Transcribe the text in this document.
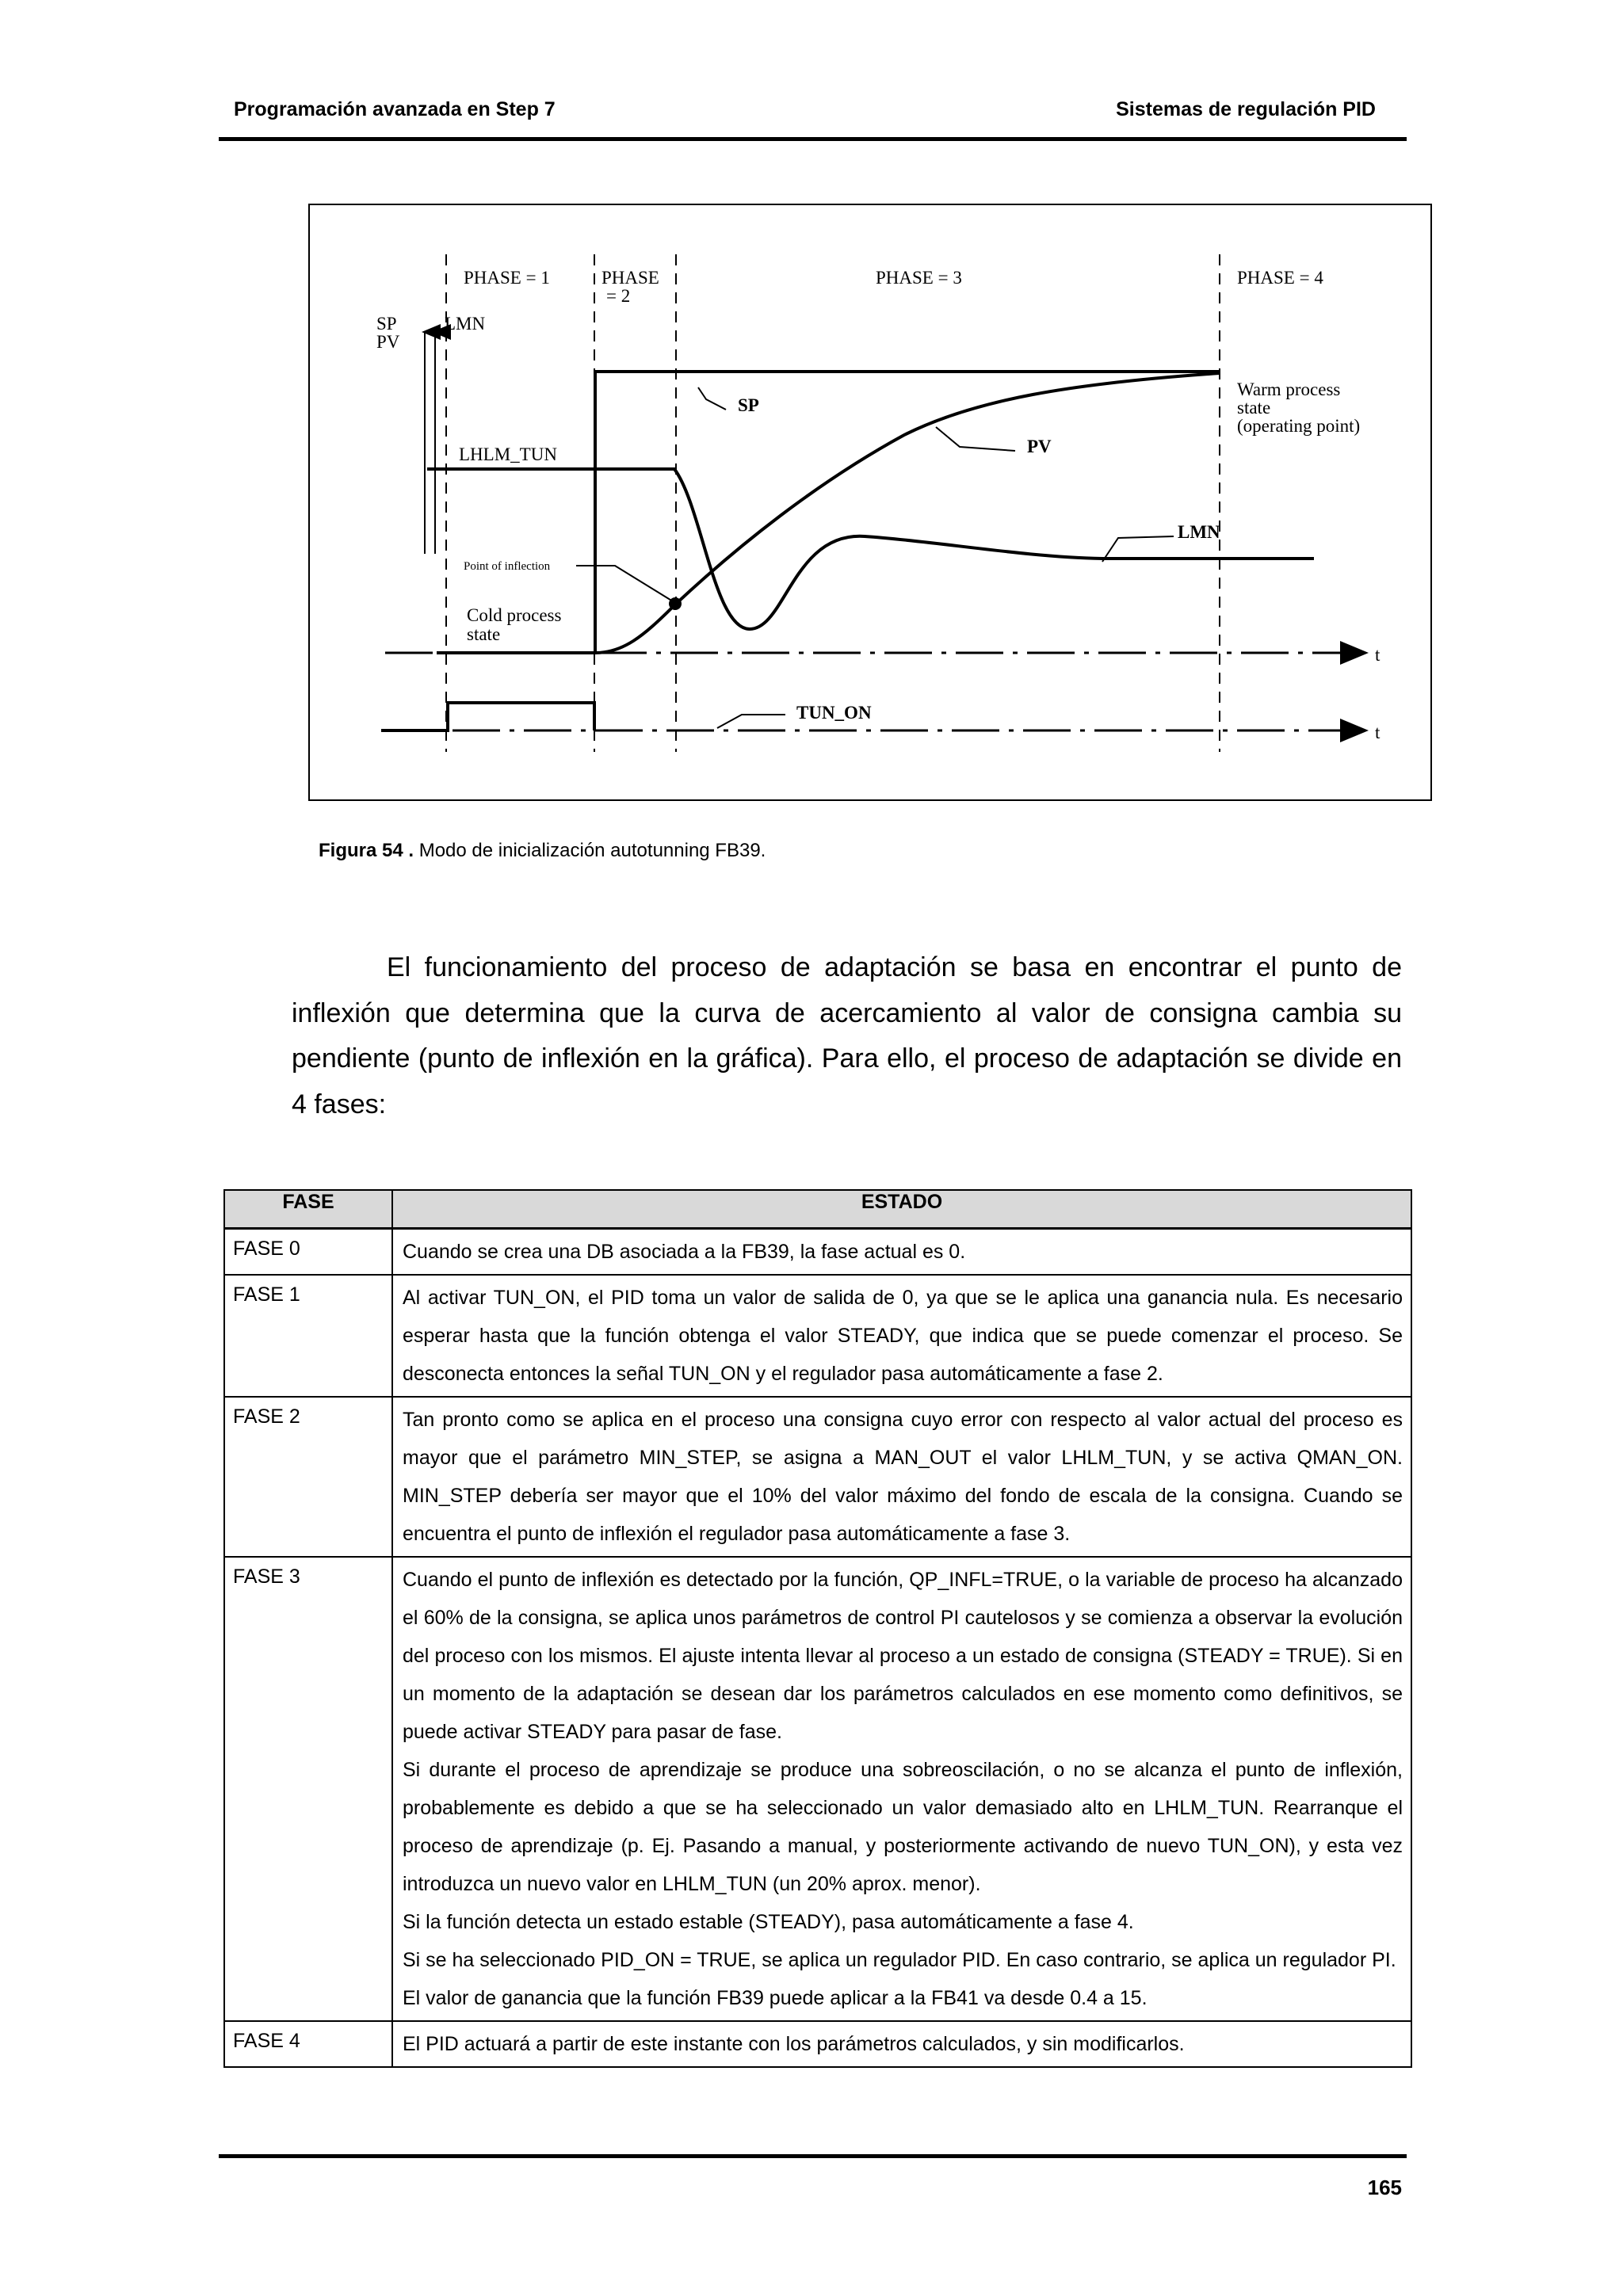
Programación avanzada en Step 7	Sistemas de regulación PID
PHASE = 1	PHASE
= 2
PHASE = 3	PHASE = 4
SP
PV
LMN
LHLM_TUN
Point of inflection
Cold process
state
SP
PV
LMN
Warm process
state
(operating point)
t
t
TUN_ON
Figura 54 . Modo de inicialización autotunning FB39.

El funcionamiento del proceso de adaptación se basa en encontrar el punto de inflexión que determina que la curva de acercamiento al valor de consigna cambia su pendiente (punto de inflexión en la gráfica). Para ello, el proceso de adaptación se divide en 4 fases:

FASE	ESTADO

FASE 0	Cuando se crea una DB asociada a la FB39, la fase actual es 0.

FASE 1	Al activar TUN_ON, el PID toma un valor de salida de 0, ya que se le aplica una ganancia nula. Es necesario esperar hasta que la función obtenga el valor STEADY, que indica que se puede comenzar el proceso. Se desconecta entonces la señal TUN_ON y el regulador pasa automáticamente a fase 2.

FASE 2	Tan pronto como se aplica en el proceso una consigna cuyo error con respecto al valor actual del proceso es mayor que el parámetro MIN_STEP, se asigna a MAN_OUT el valor LHLM_TUN, y se activa QMAN_ON. MIN_STEP debería ser mayor que el 10% del valor máximo del fondo de escala de la consigna. Cuando se encuentra el punto de inflexión el regulador pasa automáticamente a fase 3.

FASE 3	Cuando el punto de inflexión es detectado por la función, QP_INFL=TRUE, o la variable de proceso ha alcanzado el 60% de la consigna, se aplica unos parámetros de control PI cautelosos y se comienza a observar la evolución del proceso con los mismos. El ajuste intenta llevar al proceso a un estado de consigna (STEADY = TRUE). Si en un momento de la adaptación se desean dar los parámetros calculados en ese momento como definitivos, se puede activar STEADY para pasar de fase.

Si durante el proceso de aprendizaje se produce una sobreoscilación, o no se alcanza el punto de inflexión, probablemente es debido a que se ha seleccionado un valor demasiado alto en LHLM_TUN. Rearranque el proceso de aprendizaje (p. Ej. Pasando a manual, y posteriormente activando de nuevo TUN_ON), y esta vez introduzca un nuevo valor en LHLM_TUN (un 20% aprox. menor).

Si la función detecta un estado estable (STEADY), pasa automáticamente a fase 4.

Si se ha seleccionado PID_ON = TRUE, se aplica un regulador PID. En caso contrario, se aplica un regulador PI.

El valor de ganancia que la función FB39 puede aplicar a la FB41 va desde 0.4 a 15.

FASE 4	El PID actuará a partir de este instante con los parámetros calculados, y sin modificarlos.

165
